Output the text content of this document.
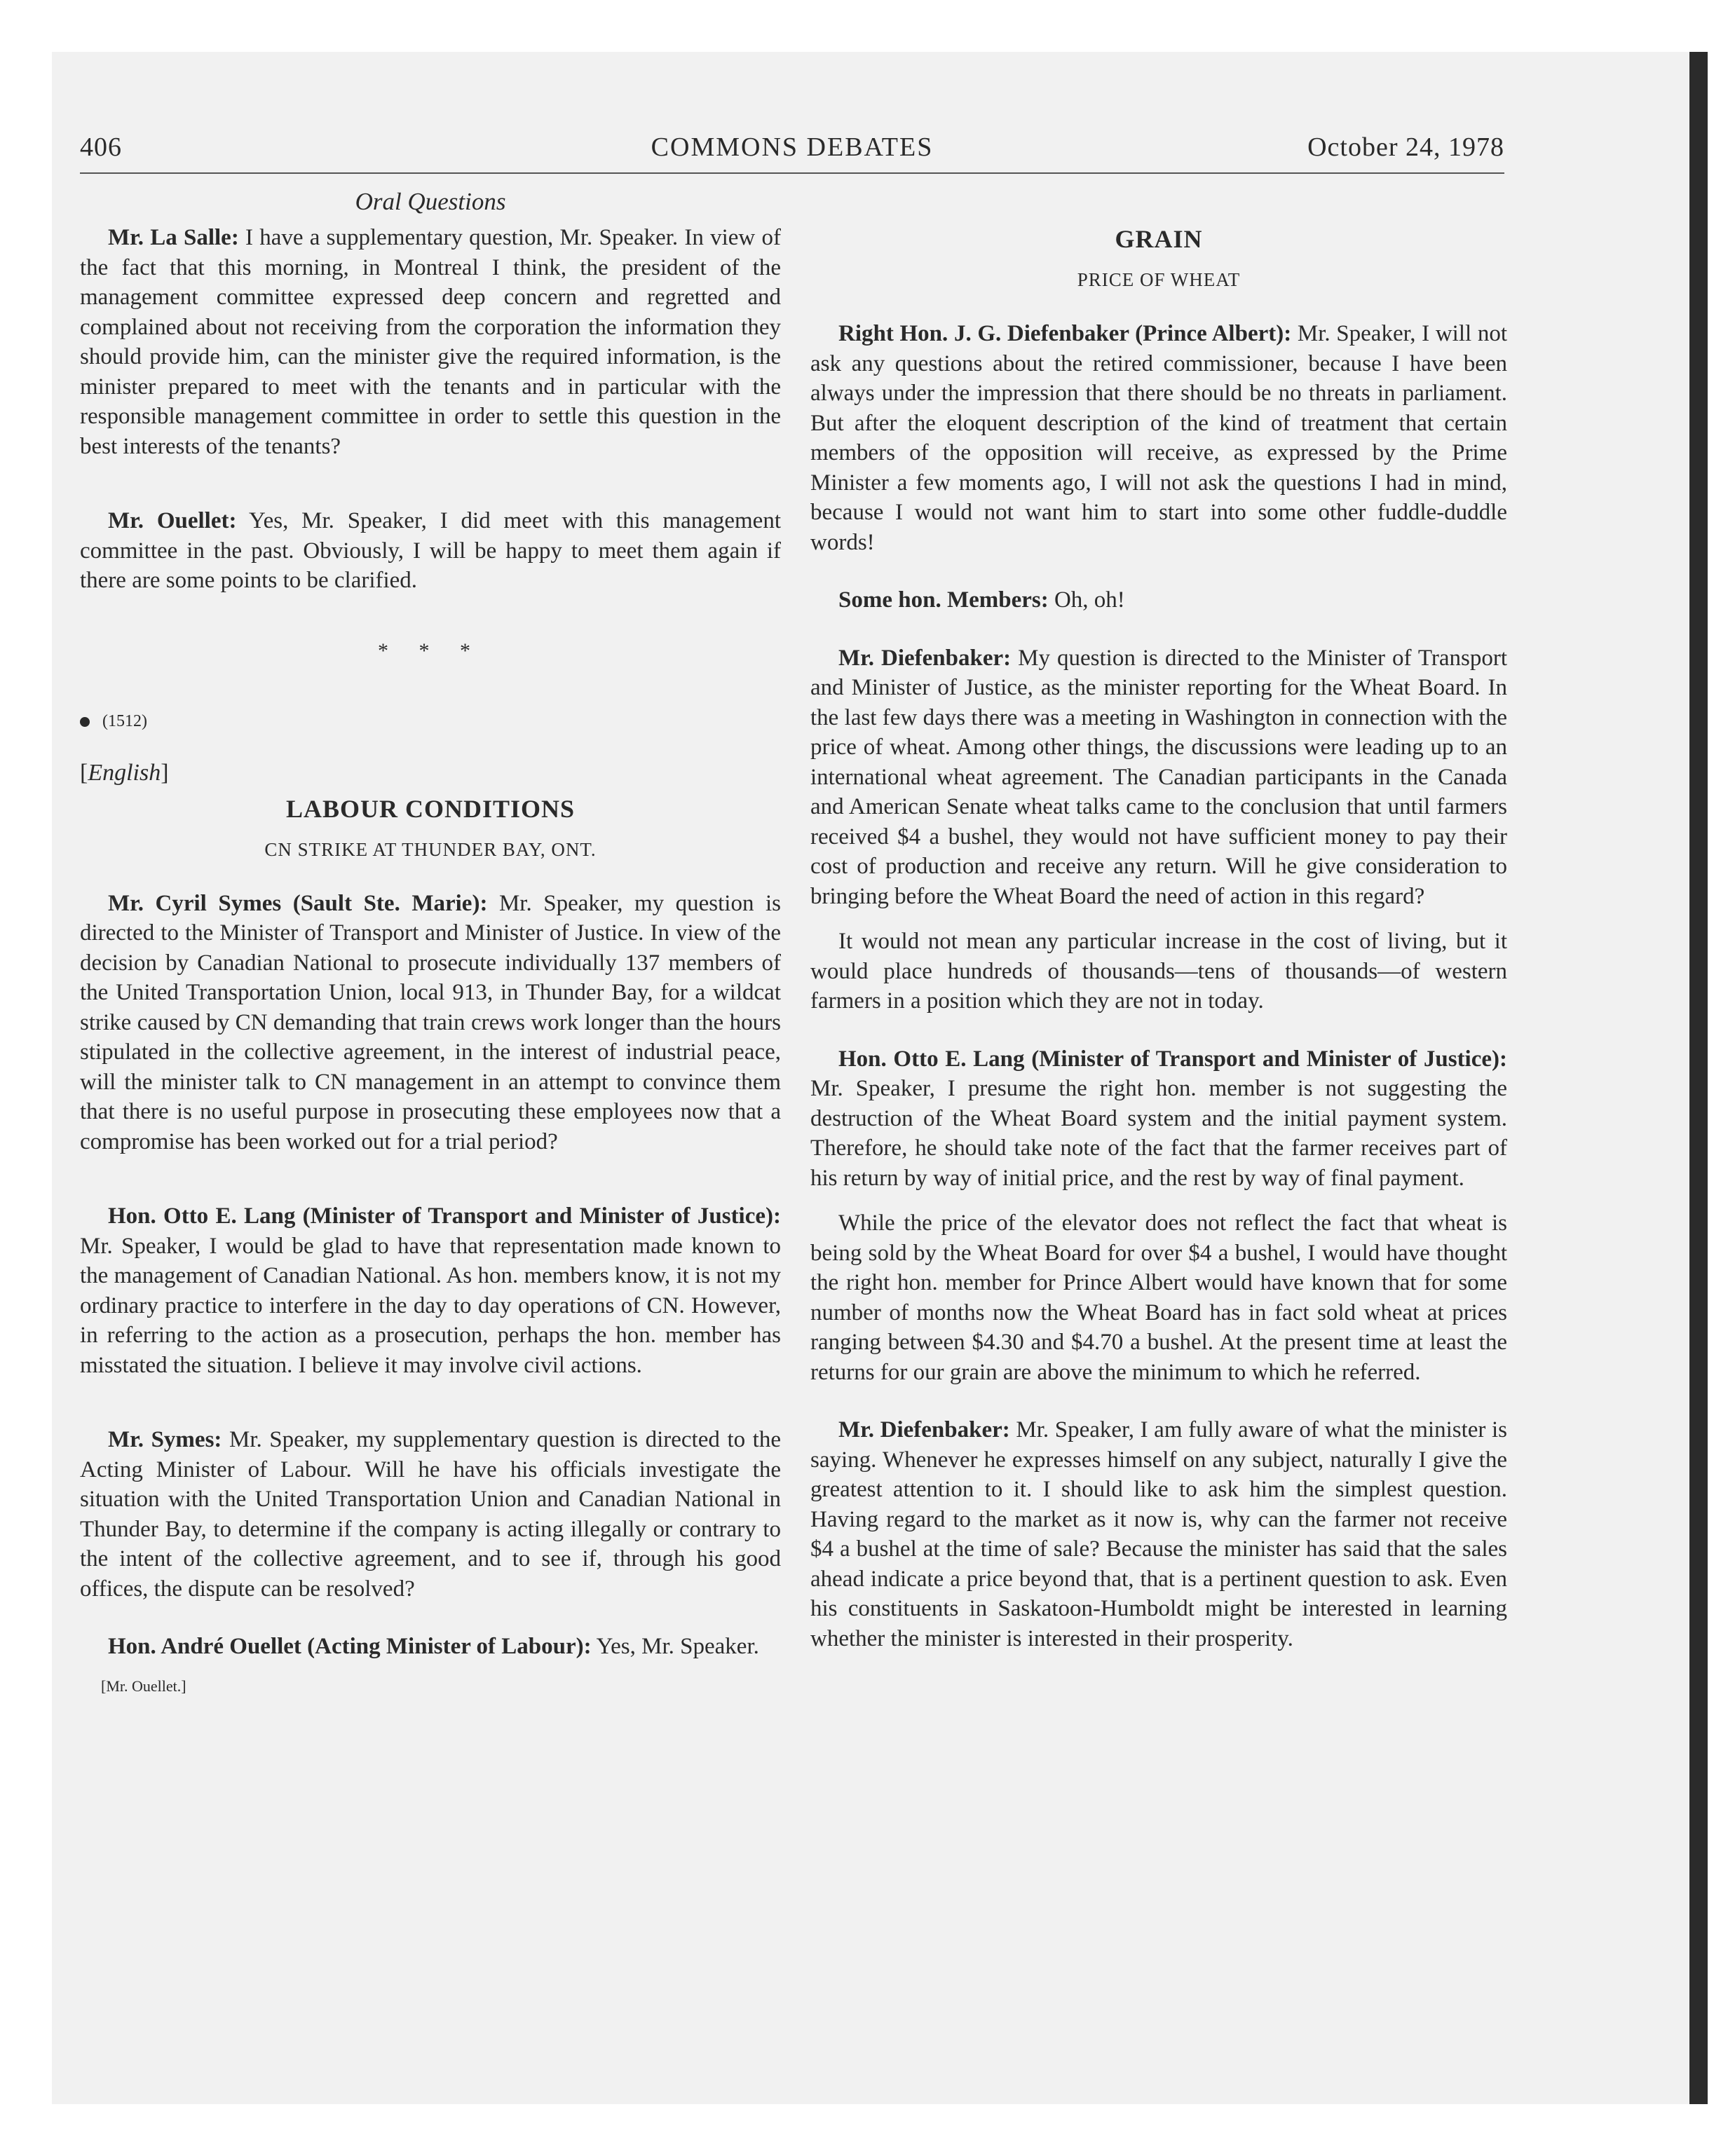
406	COMMONS DEBATES	October 24, 1978
Oral Questions

Mr. La Salle: I have a supplementary question, Mr. Speaker. In view of the fact that this morning, in Montreal I think, the president of the management committee expressed deep concern and regretted and complained about not receiving from the corporation the information they should provide him, can the minister give the required information, is the minister prepared to meet with the tenants and in particular with the responsible management committee in order to settle this question in the best interests of the tenants?

Mr. Ouellet: Yes, Mr. Speaker, I did meet with this management committee in the past. Obviously, I will be happy to meet them again if there are some points to be clarified.

* * *

(1512)

[English]

LABOUR CONDITIONS
CN STRIKE AT THUNDER BAY, ONT.

Mr. Cyril Symes (Sault Ste. Marie): Mr. Speaker, my question is directed to the Minister of Transport and Minister of Justice. In view of the decision by Canadian National to prosecute individually 137 members of the United Transportation Union, local 913, in Thunder Bay, for a wildcat strike caused by CN demanding that train crews work longer than the hours stipulated in the collective agreement, in the interest of industrial peace, will the minister talk to CN management in an attempt to convince them that there is no useful purpose in prosecuting these employees now that a compromise has been worked out for a trial period?

Hon. Otto E. Lang (Minister of Transport and Minister of Justice): Mr. Speaker, I would be glad to have that representation made known to the management of Canadian National. As hon. members know, it is not my ordinary practice to interfere in the day to day operations of CN. However, in referring to the action as a prosecution, perhaps the hon. member has misstated the situation. I believe it may involve civil actions.

Mr. Symes: Mr. Speaker, my supplementary question is directed to the Acting Minister of Labour. Will he have his officials investigate the situation with the United Transportation Union and Canadian National in Thunder Bay, to determine if the company is acting illegally or contrary to the intent of the collective agreement, and to see if, through his good offices, the dispute can be resolved?

Hon. André Ouellet (Acting Minister of Labour): Yes, Mr. Speaker.

[Mr. Ouellet.]

GRAIN
PRICE OF WHEAT

Right Hon. J. G. Diefenbaker (Prince Albert): Mr. Speaker, I will not ask any questions about the retired commissioner, because I have been always under the impression that there should be no threats in parliament. But after the eloquent description of the kind of treatment that certain members of the opposition will receive, as expressed by the Prime Minister a few moments ago, I will not ask the questions I had in mind, because I would not want him to start into some other fuddle-duddle words!

Some hon. Members: Oh, oh!

Mr. Diefenbaker: My question is directed to the Minister of Transport and Minister of Justice, as the minister reporting for the Wheat Board. In the last few days there was a meeting in Washington in connection with the price of wheat. Among other things, the discussions were leading up to an international wheat agreement. The Canadian participants in the Canada and American Senate wheat talks came to the conclusion that until farmers received $4 a bushel, they would not have sufficient money to pay their cost of production and receive any return. Will he give consideration to bringing before the Wheat Board the need of action in this regard?

It would not mean any particular increase in the cost of living, but it would place hundreds of thousands—tens of thousands—of western farmers in a position which they are not in today.

Hon. Otto E. Lang (Minister of Transport and Minister of Justice): Mr. Speaker, I presume the right hon. member is not suggesting the destruction of the Wheat Board system and the initial payment system. Therefore, he should take note of the fact that the farmer receives part of his return by way of initial price, and the rest by way of final payment.

While the price of the elevator does not reflect the fact that wheat is being sold by the Wheat Board for over $4 a bushel, I would have thought the right hon. member for Prince Albert would have known that for some number of months now the Wheat Board has in fact sold wheat at prices ranging between $4.30 and $4.70 a bushel. At the present time at least the returns for our grain are above the minimum to which he referred.

Mr. Diefenbaker: Mr. Speaker, I am fully aware of what the minister is saying. Whenever he expresses himself on any subject, naturally I give the greatest attention to it. I should like to ask him the simplest question. Having regard to the market as it now is, why can the farmer not receive $4 a bushel at the time of sale? Because the minister has said that the sales ahead indicate a price beyond that, that is a pertinent question to ask. Even his constituents in Saskatoon-Humboldt might be interested in learning whether the minister is interested in their prosperity.
